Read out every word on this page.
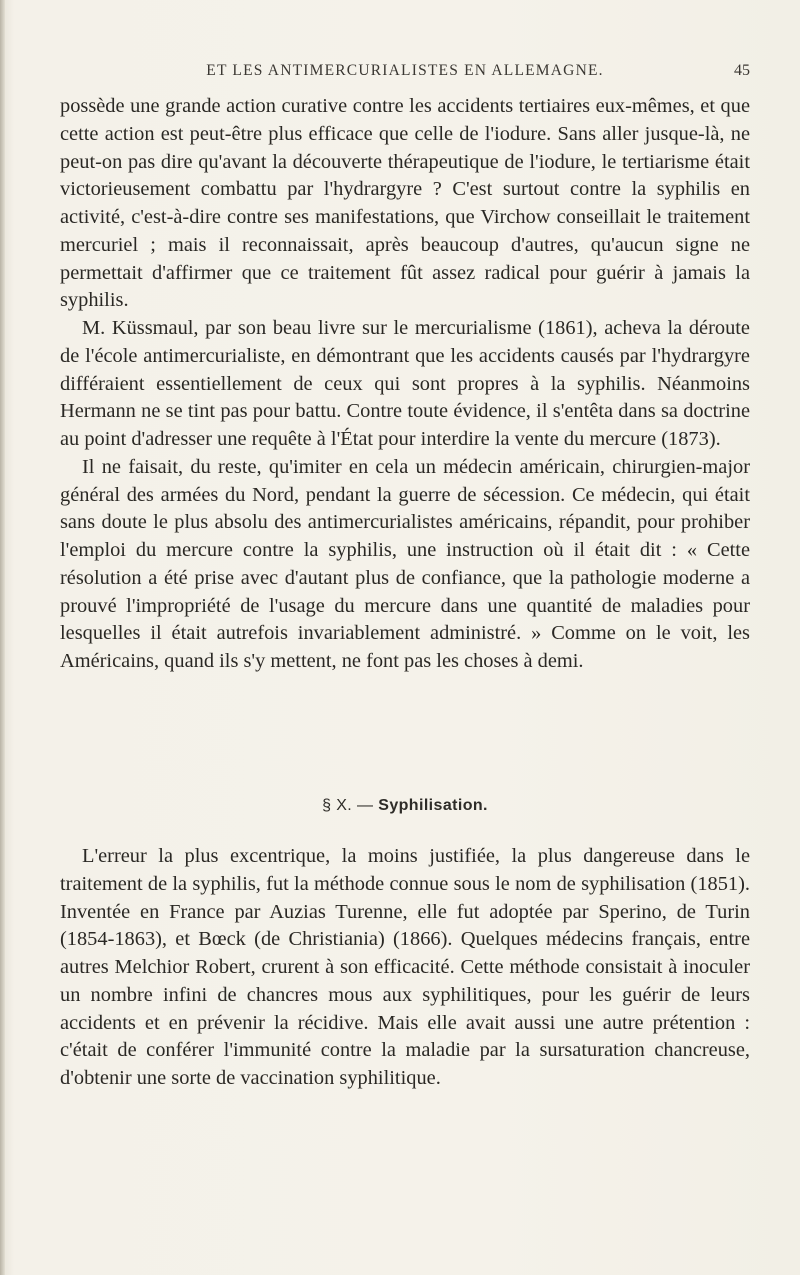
ET LES ANTIMERCURIALISTES EN ALLEMAGNE.	45

possède une grande action curative contre les accidents tertiaires eux-mêmes, et que cette action est peut-être plus efficace que celle de l'iodure. Sans aller jusque-là, ne peut-on pas dire qu'avant la découverte thérapeutique de l'iodure, le tertiarisme était victorieusement combattu par l'hydrargyre ? C'est surtout contre la syphilis en activité, c'est-à-dire contre ses manifestations, que Virchow conseillait le traitement mercuriel ; mais il reconnaissait, après beaucoup d'autres, qu'aucun signe ne permettait d'affirmer que ce traitement fût assez radical pour guérir à jamais la syphilis.

M. Küssmaul, par son beau livre sur le mercurialisme (1861), acheva la déroute de l'école antimercurialiste, en démontrant que les accidents causés par l'hydrargyre différaient essentiellement de ceux qui sont propres à la syphilis. Néanmoins Hermann ne se tint pas pour battu. Contre toute évidence, il s'entêta dans sa doctrine au point d'adresser une requête à l'État pour interdire la vente du mercure (1873).

Il ne faisait, du reste, qu'imiter en cela un médecin américain, chirurgien-major général des armées du Nord, pendant la guerre de sécession. Ce médecin, qui était sans doute le plus absolu des antimercurialistes américains, répandit, pour prohiber l'emploi du mercure contre la syphilis, une instruction où il était dit : « Cette résolution a été prise avec d'autant plus de confiance, que la pathologie moderne a prouvé l'impropriété de l'usage du mercure dans une quantité de maladies pour lesquelles il était autrefois invariablement administré. » Comme on le voit, les Américains, quand ils s'y mettent, ne font pas les choses à demi.

§ X. — Syphilisation.

L'erreur la plus excentrique, la moins justifiée, la plus dangereuse dans le traitement de la syphilis, fut la méthode connue sous le nom de syphilisation (1851). Inventée en France par Auzias Turenne, elle fut adoptée par Sperino, de Turin (1854-1863), et Bœck (de Christiania) (1866). Quelques médecins français, entre autres Melchior Robert, crurent à son efficacité. Cette méthode consistait à inoculer un nombre infini de chancres mous aux syphilitiques, pour les guérir de leurs accidents et en prévenir la récidive. Mais elle avait aussi une autre prétention : c'était de conférer l'immunité contre la maladie par la sursaturation chancreuse, d'obtenir une sorte de vaccination syphilitique.
